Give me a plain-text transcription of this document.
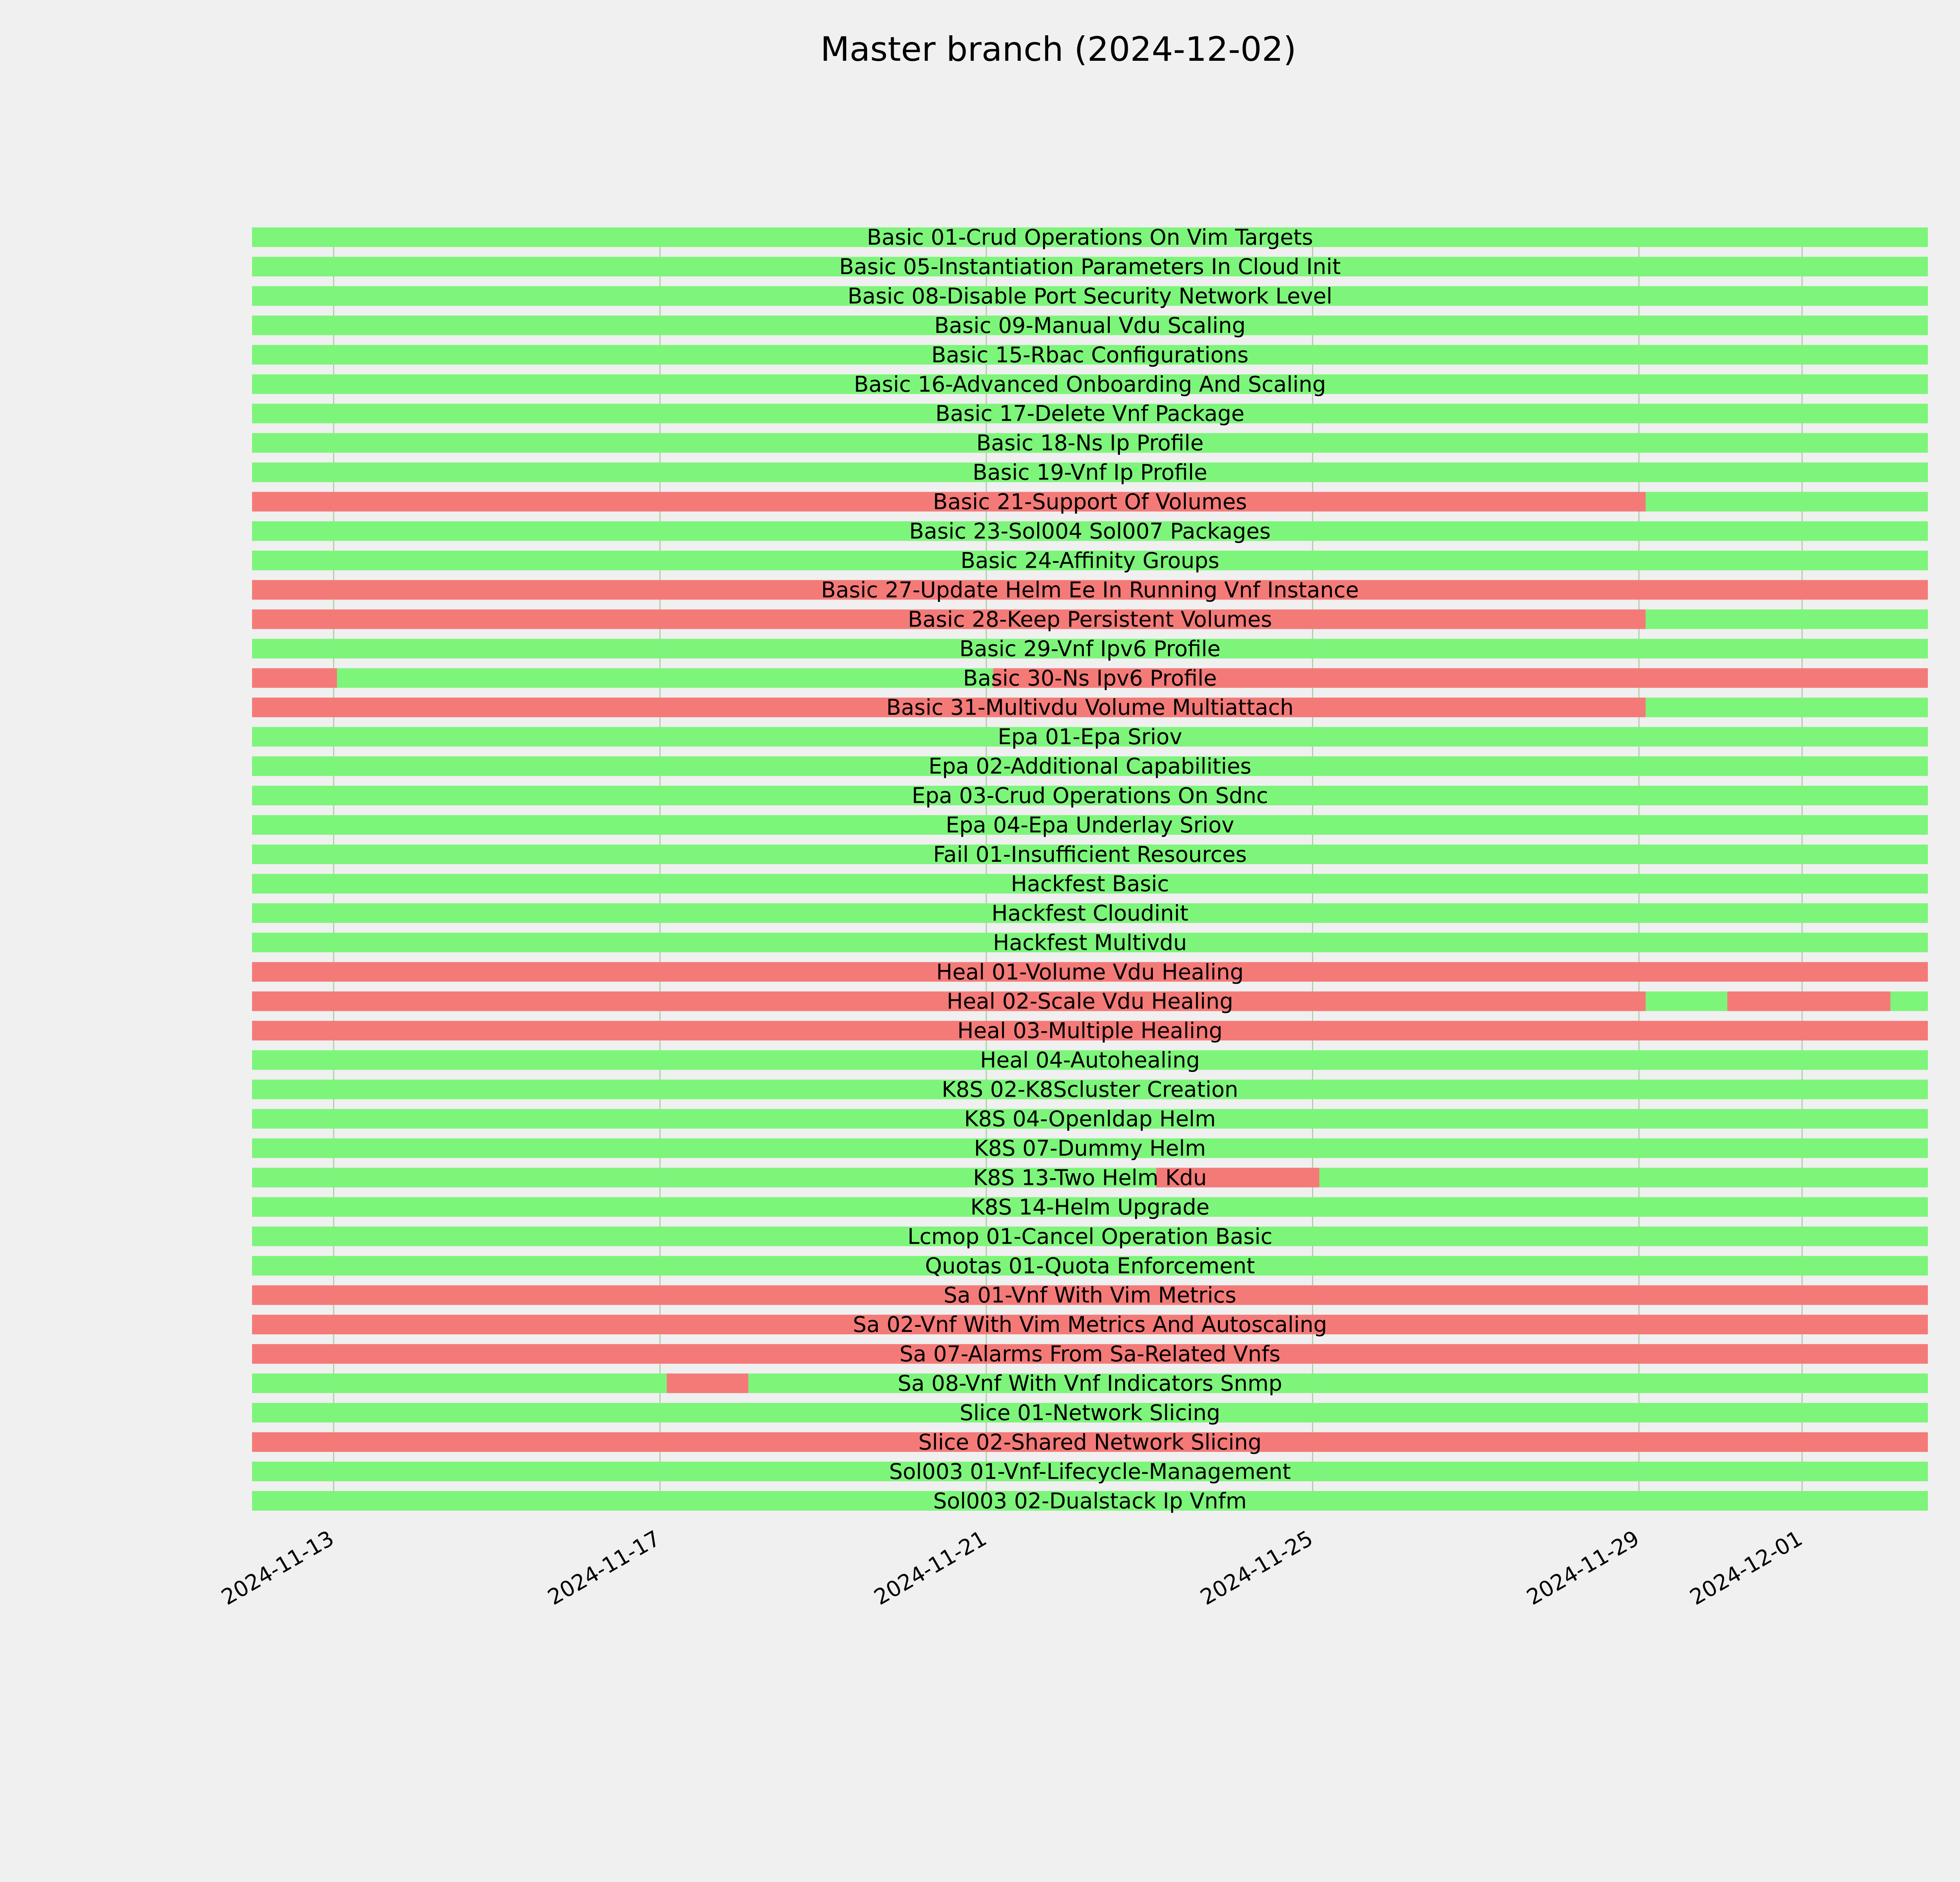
Master branch (2024-12-02)
Basic 01-Crud Operations On Vim Targets
Basic 05-Instantiation Parameters In Cloud Init
Basic 08-Disable Port Security Network Level
Basic 09-Manual Vdu Scaling
Basic 15-Rbac Configurations
Basic 16-Advanced Onboarding And Scaling
Basic 17-Delete Vnf Package
Basic 18-Ns Ip Profile
Basic 19-Vnf Ip Profile
Basic 21-Support Of Volumes
Basic 23-Sol004 Sol007 Packages
Basic 24-Affinity Groups
Basic 27-Update Helm Ee In Running Vnf Instance
Basic 28-Keep Persistent Volumes
Basic 29-Vnf Ipv6 Profile
Basic 30-Ns Ipv6 Profile
Basic 31-Multivdu Volume Multiattach
Epa 01-Epa Sriov
Epa 02-Additional Capabilities
Epa 03-Crud Operations On Sdnc
Epa 04-Epa Underlay Sriov
Fail 01-Insufficient Resources
Hackfest Basic
Hackfest Cloudinit
Hackfest Multivdu
Heal 01-Volume Vdu Healing
Heal 02-Scale Vdu Healing
Heal 03-Multiple Healing
Heal 04-Autohealing
K8S 02-K8Scluster Creation
K8S 04-Openldap Helm
K8S 07-Dummy Helm
K8S 13-Two Helm Kdu
K8S 14-Helm Upgrade
Lcmop 01-Cancel Operation Basic
Quotas 01-Quota Enforcement
Sa 01-Vnf With Vim Metrics
Sa 02-Vnf With Vim Metrics And Autoscaling
Sa 07-Alarms From Sa-Related Vnfs
Sa 08-Vnf With Vnf Indicators Snmp
Slice 01-Network Slicing
Slice 02-Shared Network Slicing
Sol003 01-Vnf-Lifecycle-Management
Sol003 02-Dualstack Ip Vnfm
2024-11-13	2024-11-17	2024-11-21	2024-11-25	2024-11-29 2024-12-01
